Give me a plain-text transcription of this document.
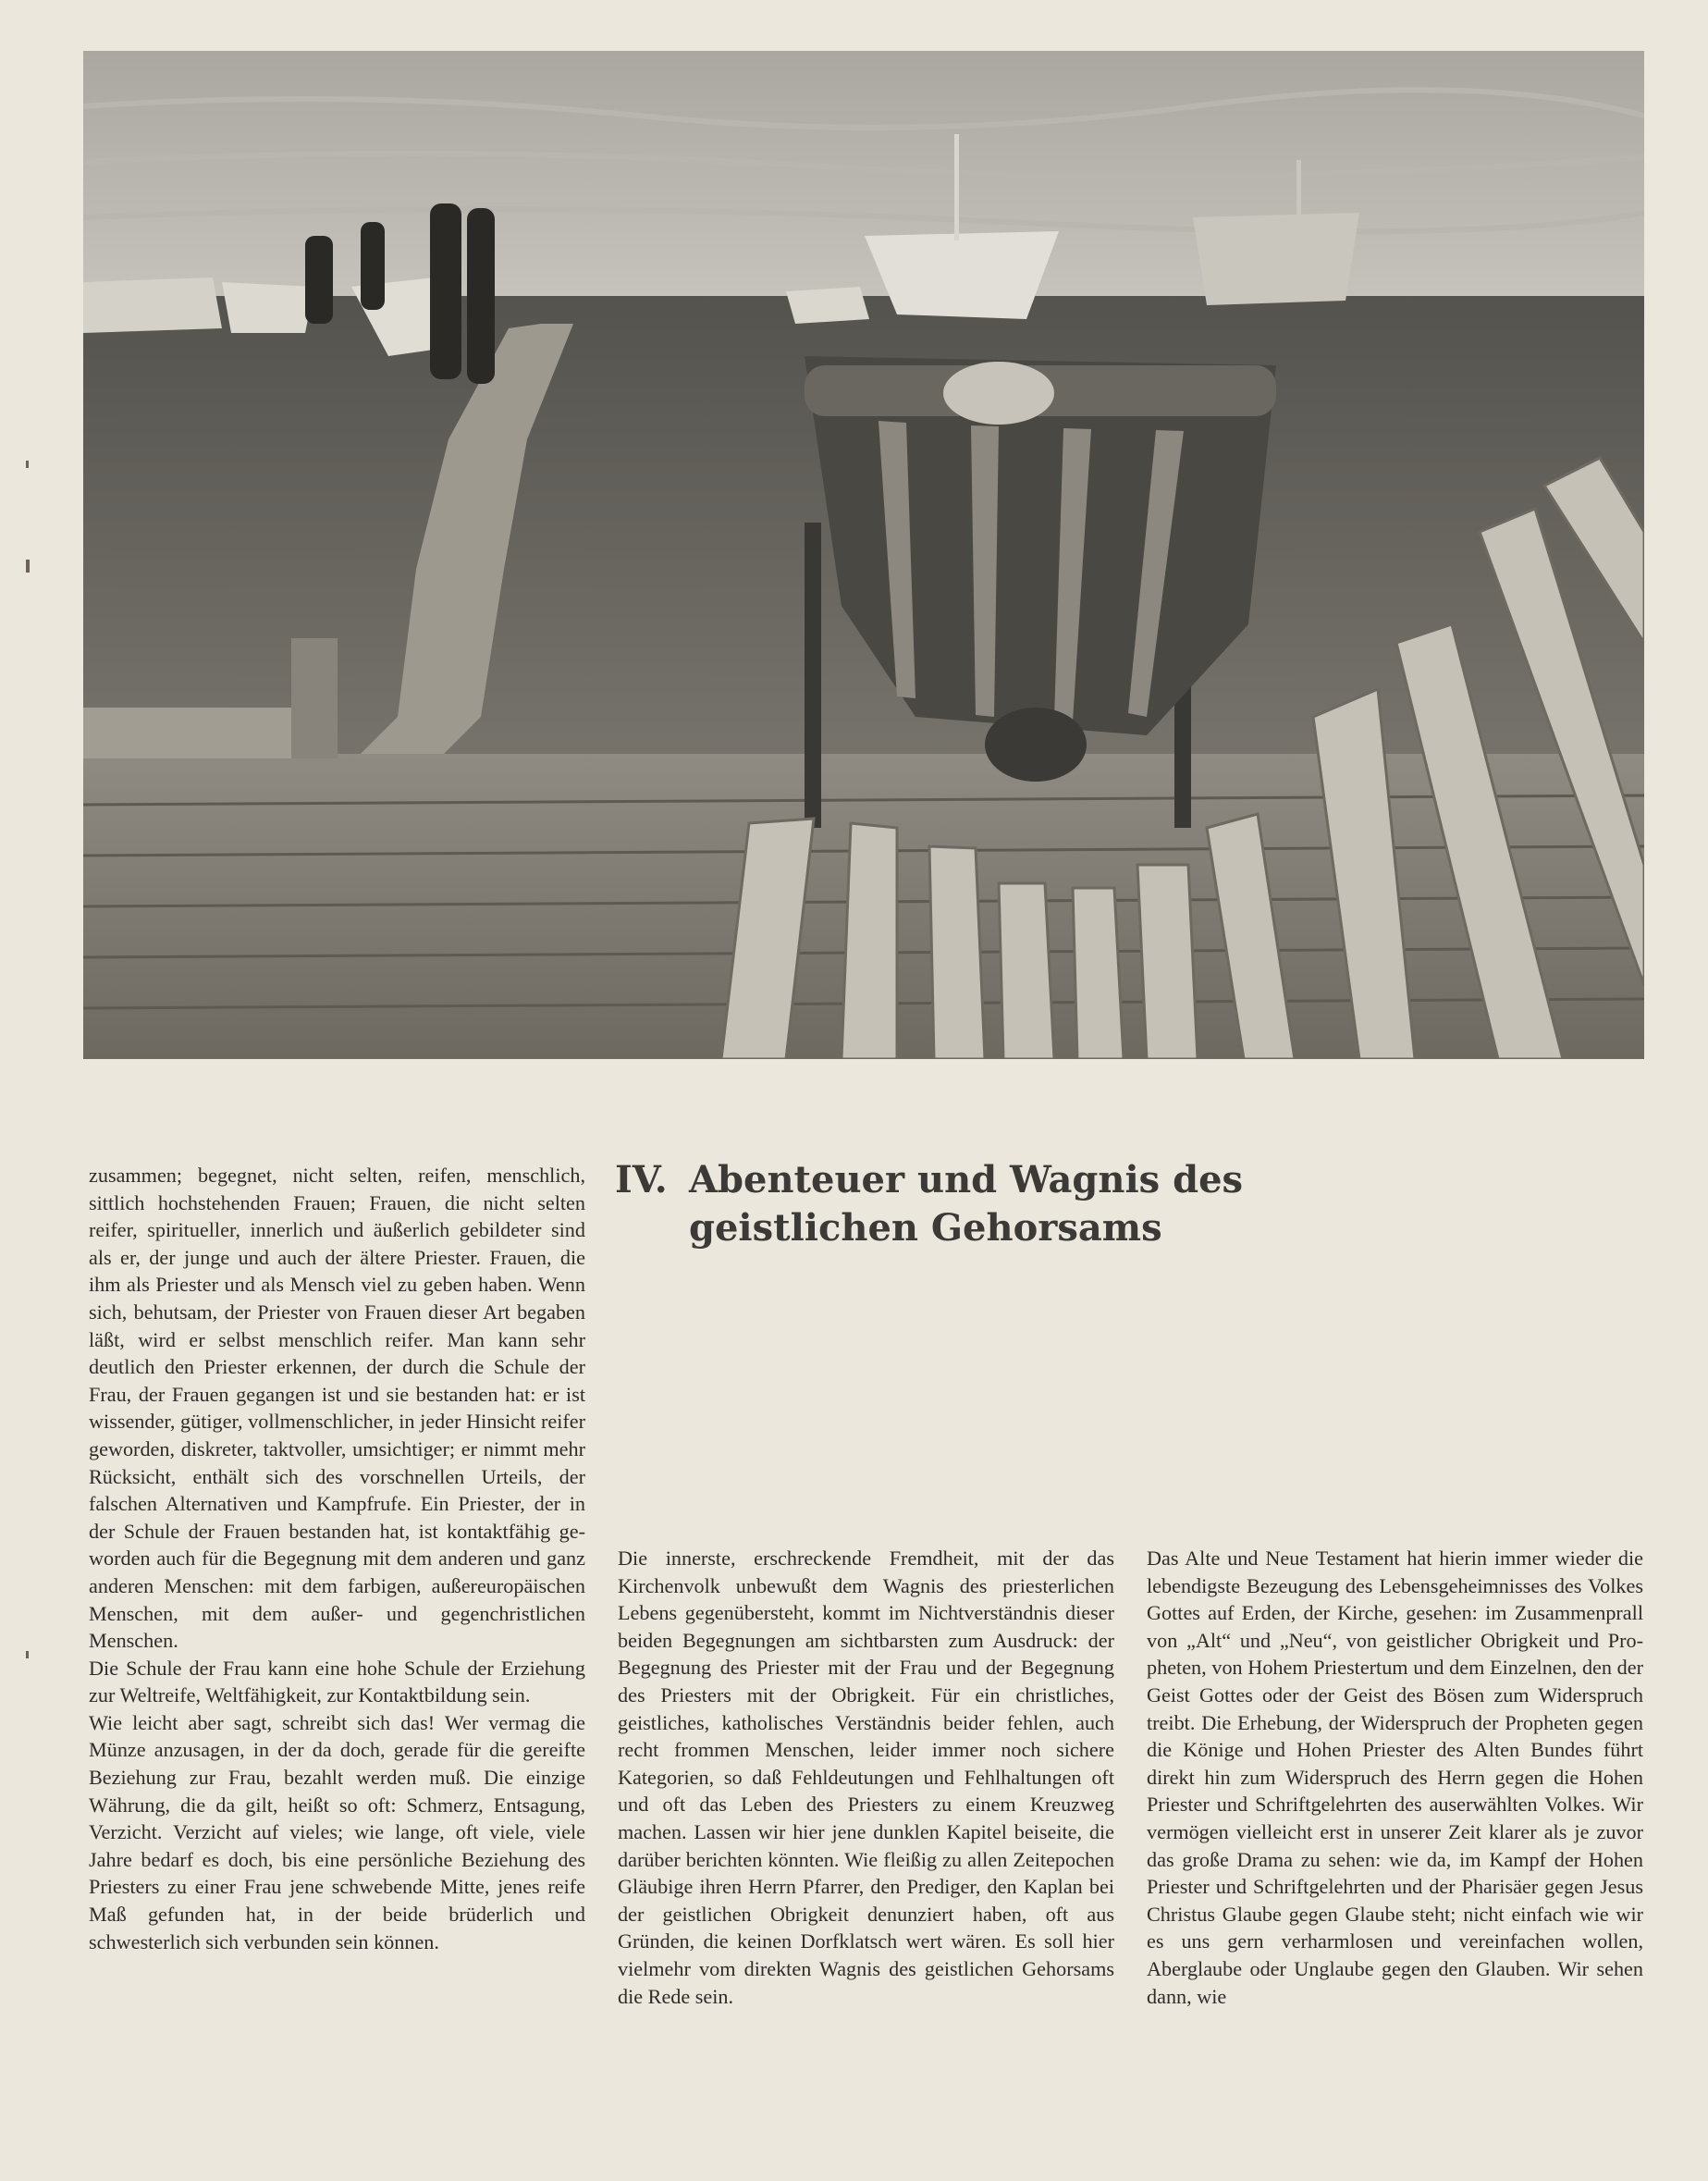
IV. Abenteuer und Wagnis des
geistlichen Gehorsams

zusammen; begegnet, nicht selten, reifen, menschlich, sittlich hochstehenden Frauen; Frauen, die nicht selten reifer, spiritueller, innerlich und äußerlich gebildeter sind als er, der junge und auch der ältere Priester. Frauen, die ihm als Priester und als Mensch viel zu geben haben. Wenn sich, behutsam, der Priester von Frauen dieser Art begaben läßt, wird er selbst menschlich reifer. Man kann sehr deutlich den Priester erkennen, der durch die Schule der Frau, der Frauen gegangen ist und sie bestanden hat: er ist wissender, gütiger, vollmenschlicher, in jeder Hinsicht reifer geworden, diskreter, taktvoller, umsichtiger; er nimmt mehr Rücksicht, enthält sich des vorschnellen Urteils, der falschen Alternativen und Kampfrufe. Ein Priester, der in der Schule der Frauen bestanden hat, ist kontaktfähig geworden auch für die Begegnung mit dem anderen und ganz anderen Menschen: mit dem farbigen, außereuropäischen Menschen, mit dem außer- und gegenchristlichen Menschen.

Die Schule der Frau kann eine hohe Schule der Erziehung zur Weltreife, Weltfähigkeit, zur Kontaktbildung sein.

Wie leicht aber sagt, schreibt sich das! Wer vermag die Münze anzusagen, in der da doch, gerade für die gereifte Beziehung zur Frau, bezahlt werden muß. Die einzige Währung, die da gilt, heißt so oft: Schmerz, Entsagung, Verzicht. Verzicht auf vieles; wie lange, oft viele, viele Jahre bedarf es doch, bis eine persönliche Beziehung des Priesters zu einer Frau jene schwebende Mitte, jenes reife Maß gefunden hat, in der beide brüderlich und schwesterlich sich verbunden sein können.

Die innerste, erschreckende Fremdheit, mit der das Kirchenvolk unbewußt dem Wagnis des priesterlichen Lebens gegenübersteht, kommt im Nichtverständnis dieser beiden Begegnungen am sichtbarsten zum Ausdruck: der Begegnung des Priester mit der Frau und der Begegnung des Priesters mit der Obrigkeit. Für ein christliches, geistliches, katholisches Verständnis beider fehlen, auch recht frommen Menschen, leider immer noch sichere Kategorien, so daß Fehldeutungen und Fehlhaltungen oft und oft das Leben des Priesters zu einem Kreuzweg machen. Lassen wir hier jene dunklen Kapitel beiseite, die darüber berichten könnten. Wie fleißig zu allen Zeitepochen Gläubige ihren Herrn Pfarrer, den Prediger, den Kaplan bei der geistlichen Obrigkeit denunziert haben, oft aus Gründen, die keinen Dorfklatsch wert wären. Es soll hier vielmehr vom direkten Wagnis des geistlichen Gehorsams die Rede sein.

Das Alte und Neue Testament hat hierin immer wieder die lebendigste Bezeugung des Lebensgeheimnisses des Volkes Gottes auf Erden, der Kirche, gesehen: im Zusammenprall von „Alt“ und „Neu“, von geistlicher Obrigkeit und Propheten, von Hohem Priestertum und dem Einzelnen, den der Geist Gottes oder der Geist des Bösen zum Widerspruch treibt. Die Erhebung, der Widerspruch der Propheten gegen die Könige und Hohen Priester des Alten Bundes führt direkt hin zum Widerspruch des Herrn gegen die Hohen Priester und Schriftgelehrten des auserwählten Volkes. Wir vermögen vielleicht erst in unserer Zeit klarer als je zuvor das große Drama zu sehen: wie da, im Kampf der Hohen Priester und Schriftgelehrten und der Pharisäer gegen Jesus Christus Glaube gegen Glaube steht; nicht einfach wie wir es uns gern verharmlosen und vereinfachen wollen, Aberglaube oder Unglaube gegen den Glauben. Wir sehen dann, wie
